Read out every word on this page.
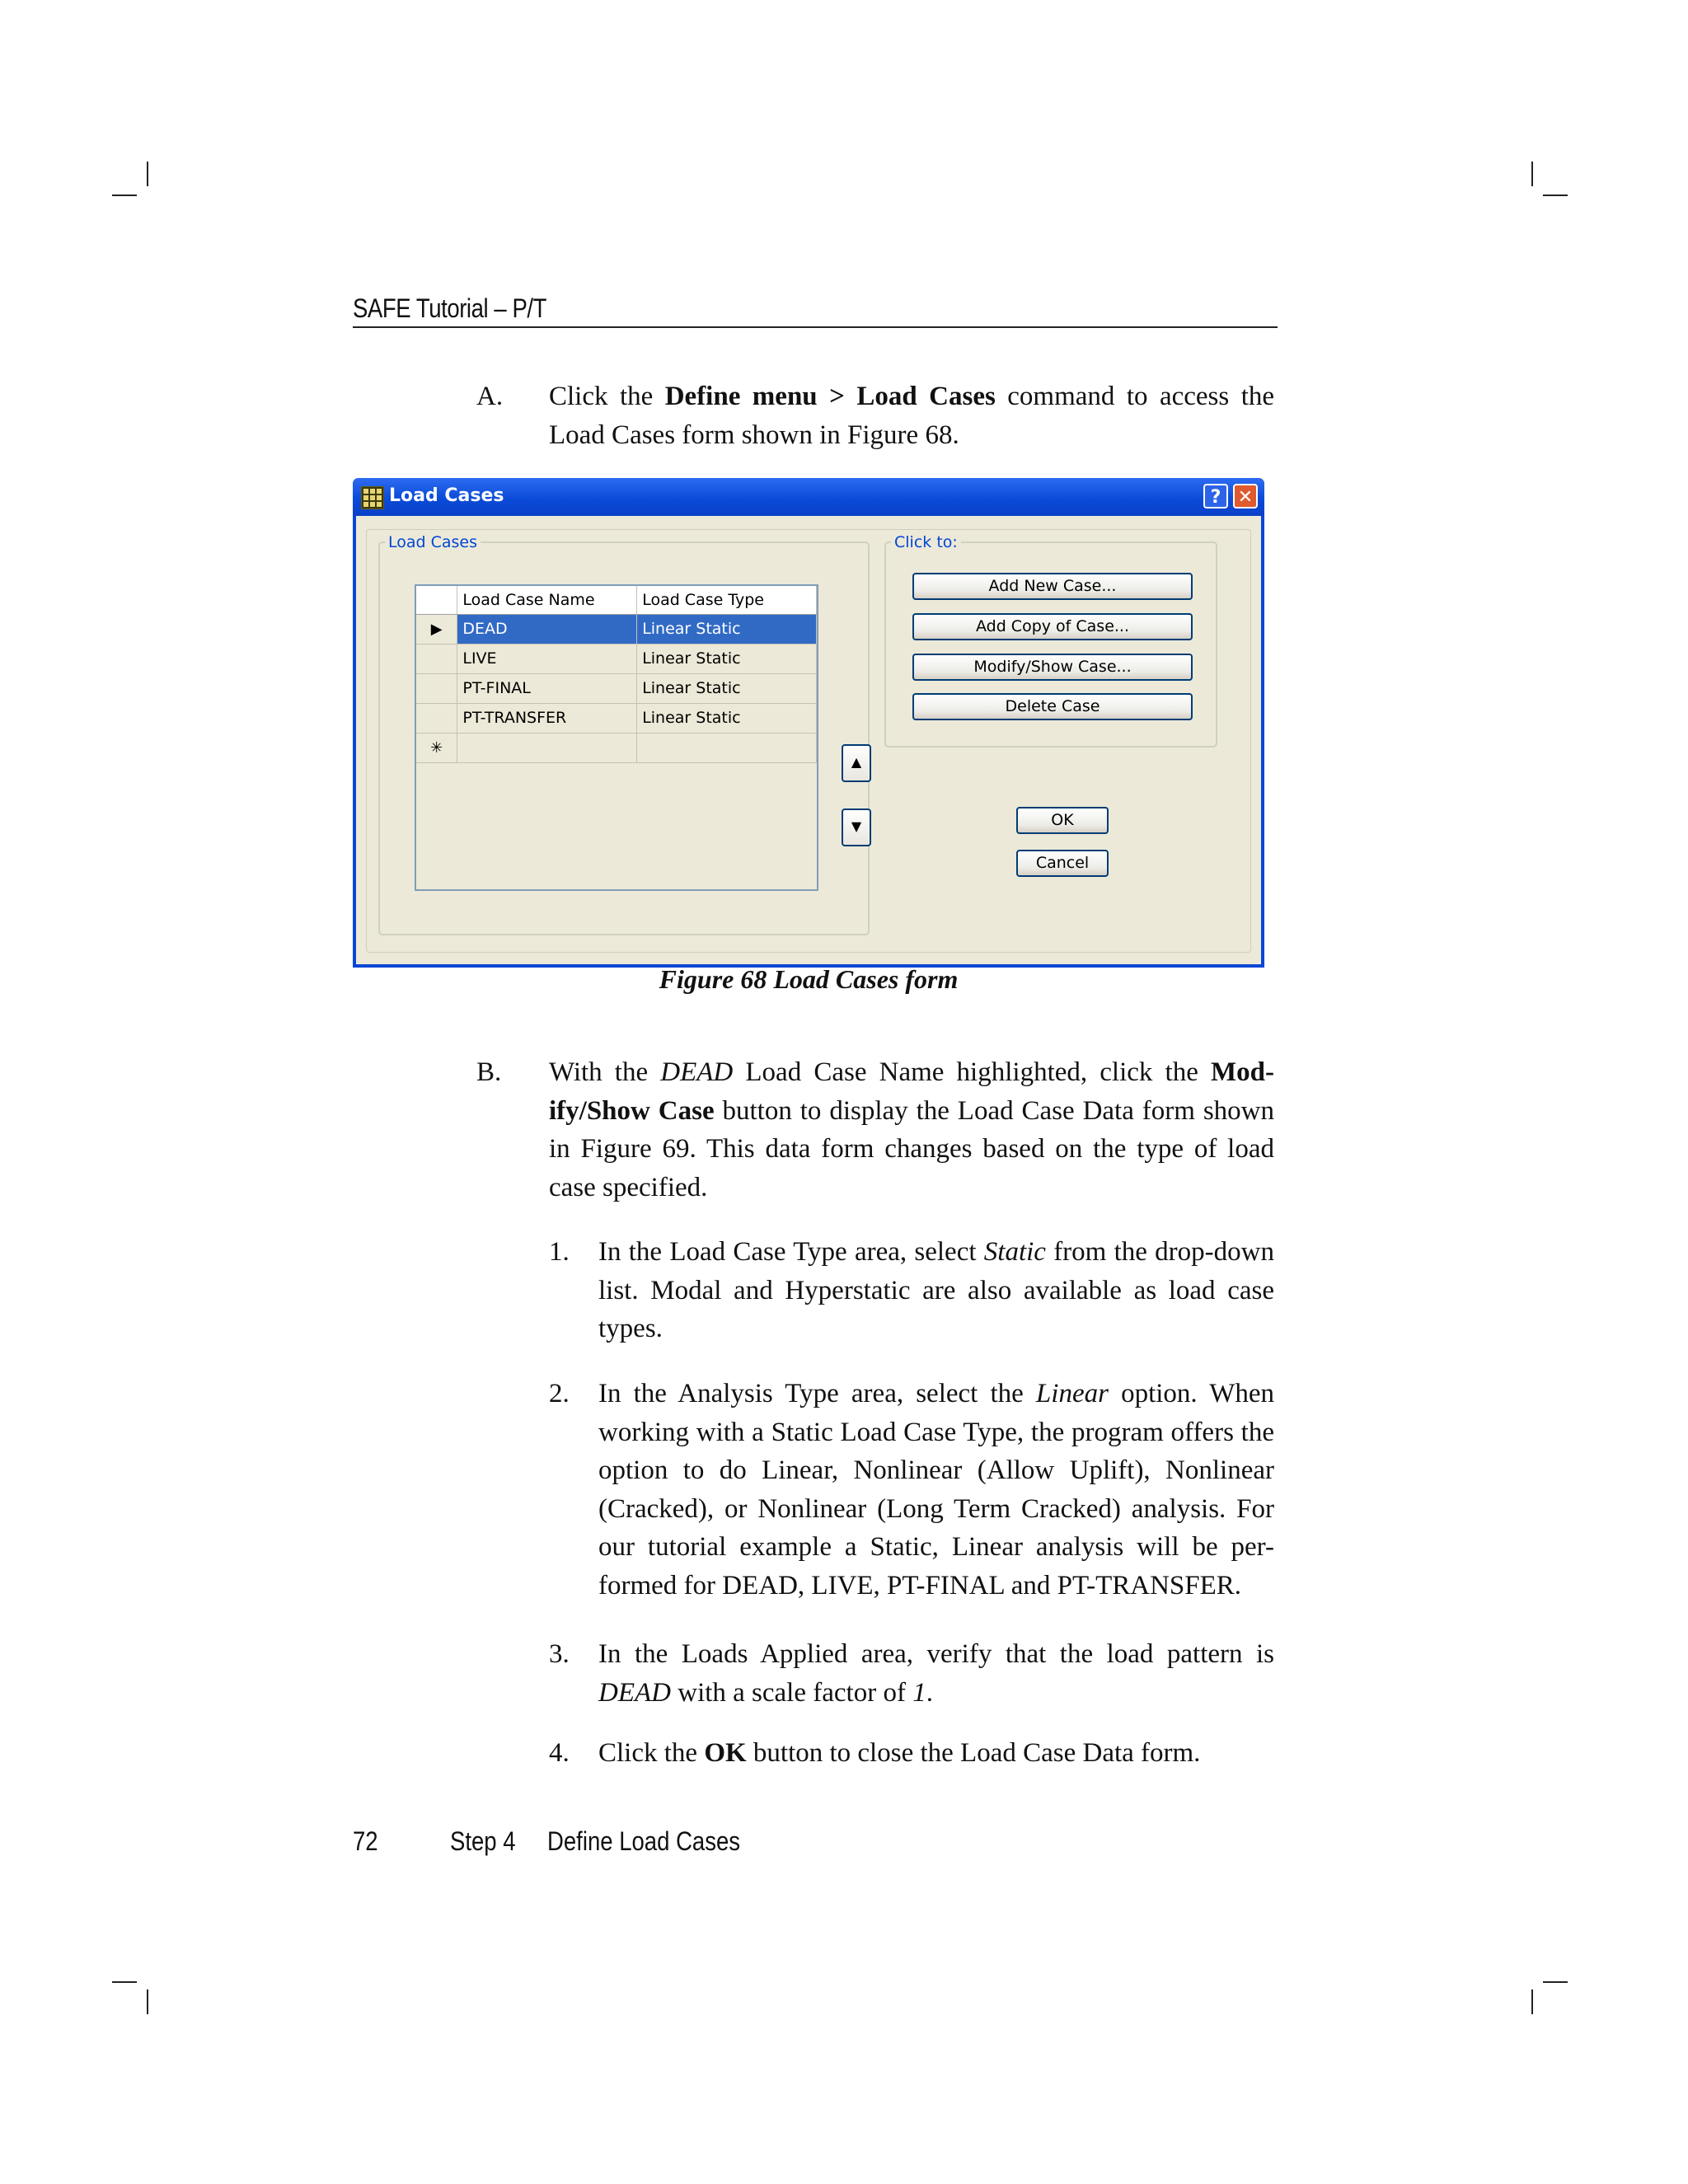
SAFE Tutorial – P/T
A. Click the Define menu > Load Cases command to access the Load Cases form shown in Figure 68.
Load Cases	? ✕
Load Cases
	Load Case Name	Load Case Type
▶	DEAD	Linear Static
	LIVE	Linear Static
	PT-FINAL	Linear Static
	PT-TRANSFER	Linear Static
✳		
▲
▼
Click to:
Add New Case...
Add Copy of Case...
Modify/Show Case...
Delete Case
OK
Cancel
Figure 68 Load Cases form
B. With the DEAD Load Case Name highlighted, click the Mod-ify/Show Case button to display the Load Case Data form shown in Figure 69. This data form changes based on the type of load case specified.
1. In the Load Case Type area, select Static from the drop-down list. Modal and Hyperstatic are also available as load case types.
2. In the Analysis Type area, select the Linear option. When working with a Static Load Case Type, the program offers the option to do Linear, Nonlinear (Allow Uplift), Nonlinear (Cracked), or Nonlinear (Long Term Cracked) analysis. For our tutorial example a Static, Linear analysis will be per-formed for DEAD, LIVE, PT-FINAL and PT-TRANSFER.
3. In the Loads Applied area, verify that the load pattern is DEAD with a scale factor of 1.
4. Click the OK button to close the Load Case Data form.
72	Step 4 Define Load Cases
